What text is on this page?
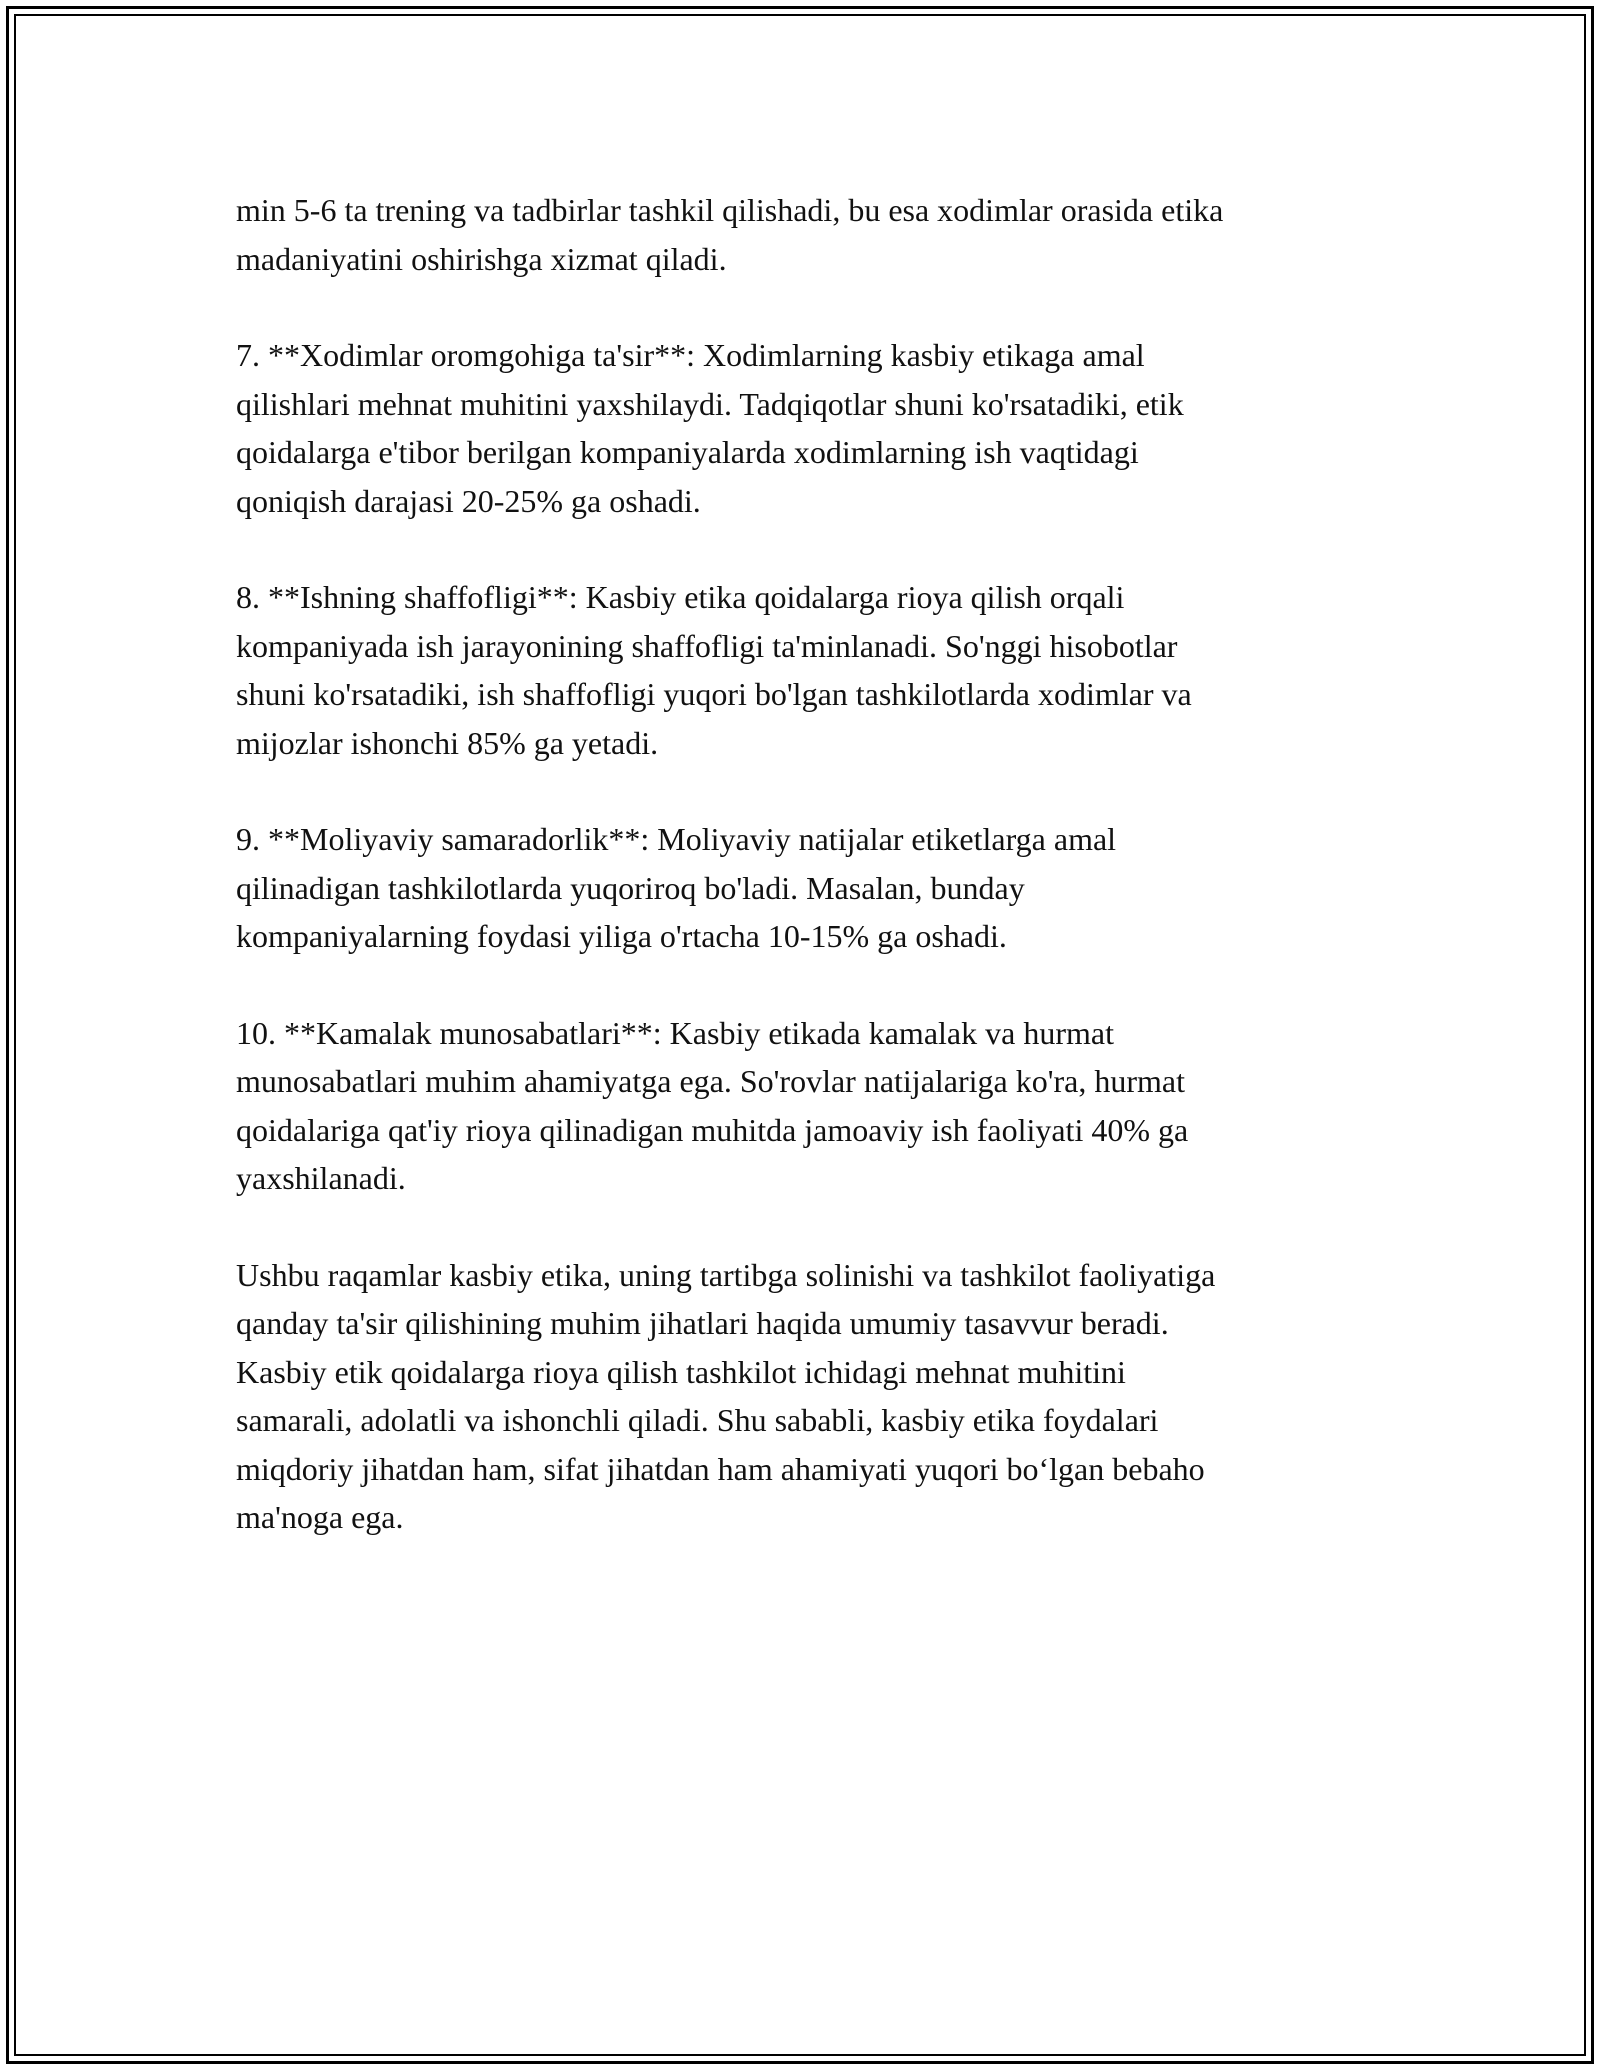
min 5-6 ta trening va tadbirlar tashkil qilishadi, bu esa xodimlar orasida etika
madaniyatini oshirishga xizmat qiladi.

7. **Xodimlar oromgohiga ta'sir**: Xodimlarning kasbiy etikaga amal
qilishlari mehnat muhitini yaxshilaydi. Tadqiqotlar shuni ko'rsatadiki, etik
qoidalarga e'tibor berilgan kompaniyalarda xodimlarning ish vaqtidagi
qoniqish darajasi 20-25% ga oshadi.

8. **Ishning shaffofligi**: Kasbiy etika qoidalarga rioya qilish orqali
kompaniyada ish jarayonining shaffofligi ta'minlanadi. So'nggi hisobotlar
shuni ko'rsatadiki, ish shaffofligi yuqori bo'lgan tashkilotlarda xodimlar va
mijozlar ishonchi 85% ga yetadi.

9. **Moliyaviy samaradorlik**: Moliyaviy natijalar etiketlarga amal
qilinadigan tashkilotlarda yuqoriroq bo'ladi. Masalan, bunday
kompaniyalarning foydasi yiliga o'rtacha 10-15% ga oshadi.

10. **Kamalak munosabatlari**: Kasbiy etikada kamalak va hurmat
munosabatlari muhim ahamiyatga ega. So'rovlar natijalariga ko'ra, hurmat
qoidalariga qat'iy rioya qilinadigan muhitda jamoaviy ish faoliyati 40% ga
yaxshilanadi.

Ushbu raqamlar kasbiy etika, uning tartibga solinishi va tashkilot faoliyatiga
qanday ta'sir qilishining muhim jihatlari haqida umumiy tasavvur beradi.
Kasbiy etik qoidalarga rioya qilish tashkilot ichidagi mehnat muhitini
samarali, adolatli va ishonchli qiladi. Shu sababli, kasbiy etika foydalari
miqdoriy jihatdan ham, sifat jihatdan ham ahamiyati yuqori bo‘lgan bebaho
ma'noga ega.
